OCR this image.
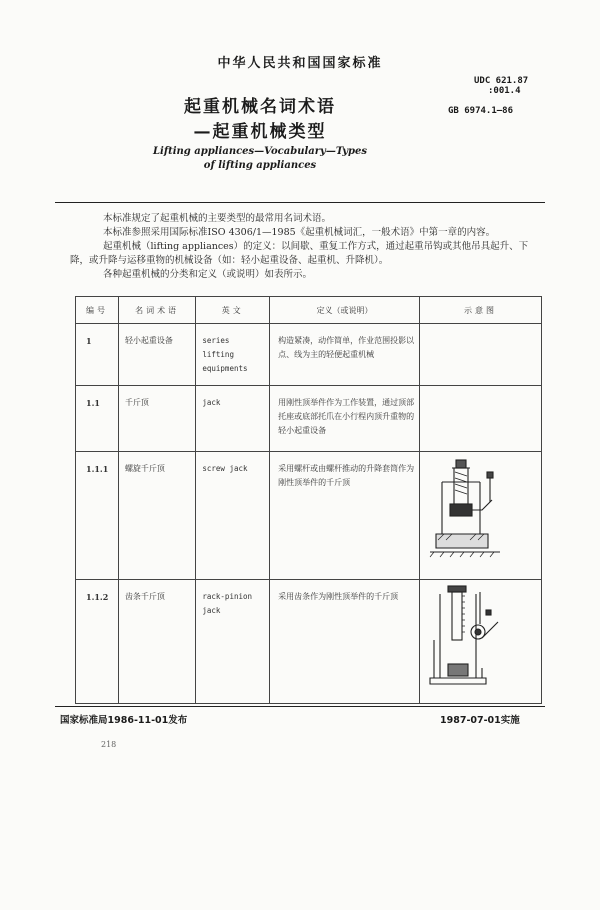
中华人民共和国国家标准
UDC 621.87
:001.4
GB 6974.1—86
起重机械名词术语
—起重机械类型
Lifting appliances—Vocabulary—Types
of lifting appliances

本标准规定了起重机械的主要类型的最常用名词术语。

本标准参照采用国际标准ISO 4306/1—1985《起重机械词汇，一般术语》中第一章的内容。

起重机械（lifting appliances）的定义：以间歇、重复工作方式，通过起重吊钩或其他吊具起升、下降，或升降与运移重物的机械设备（如：轻小起重设备、起重机、升降机）。

各种起重机械的分类和定义（或说明）如表所示。

编号	名词术语	英文	定义（或说明）	示意图

1	轻小起重设备	series lifting equipments	构造紧凑，动作简单，作业范围投影以点、线为主的轻便起重机械	

1.1	千斤顶	jack	用刚性顶举件作为工作装置，通过顶部托座或底部托爪在小行程内顶升重物的轻小起重设备	

1.1.1	螺旋千斤顶	screw jack	采用螺杆或由螺杆推动的升降套筒作为刚性顶举件的千斤顶

1.1.2	齿条千斤顶	rack-pinion jack	采用齿条作为刚性顶举件的千斤顶

国家标准局1986-11-01发布	1987-07-01实施
218
